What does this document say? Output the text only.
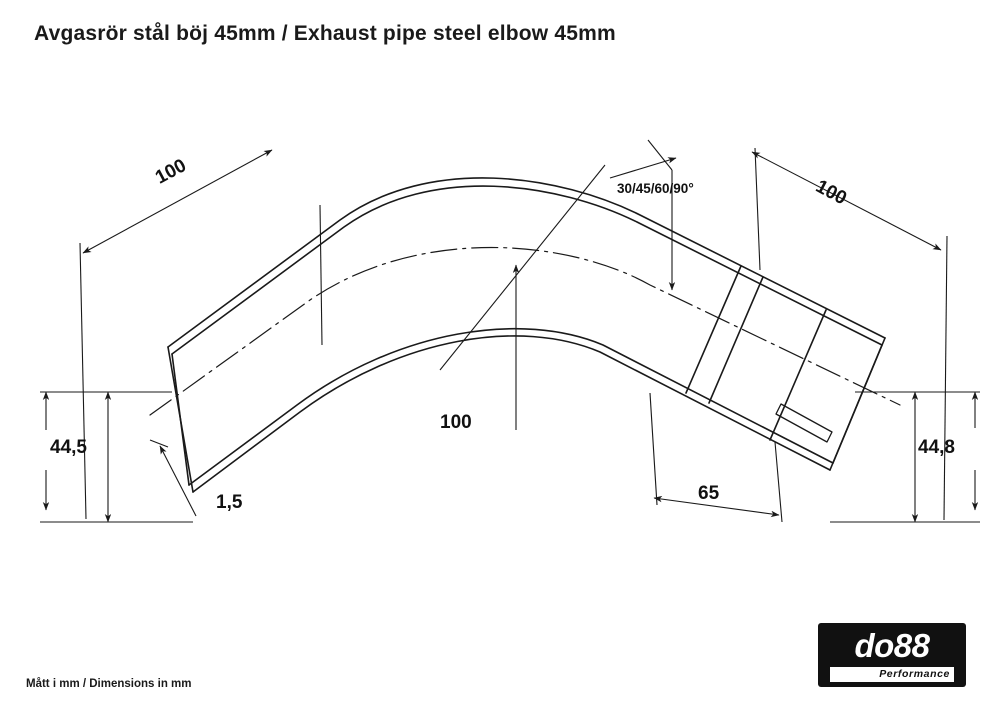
Avgasrör stål böj 45mm / Exhaust pipe steel elbow 45mm
100
100
100
44,5	44,8
1,5	65
30/45/60/90°
Mått i mm / Dimensions in mm
do88
Performance
